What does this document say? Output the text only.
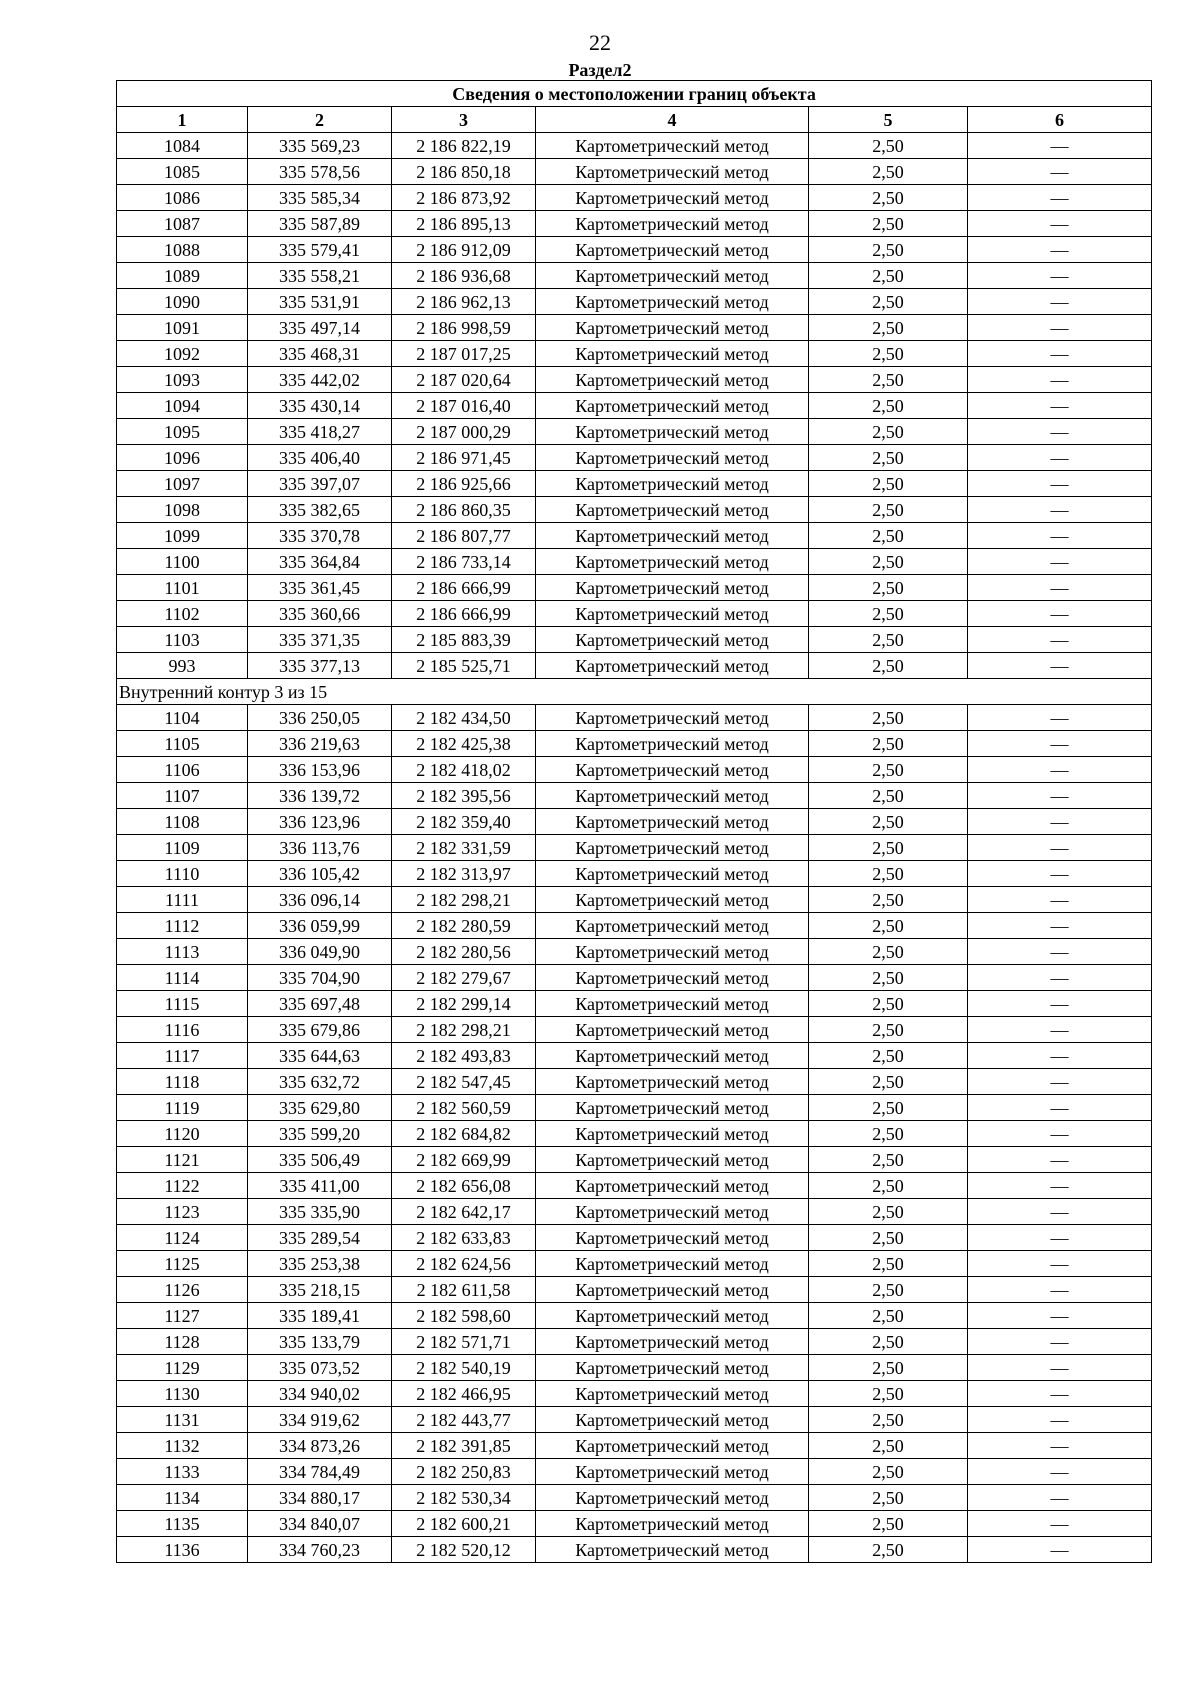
22
Раздел2
Сведения о местоположении границ объекта					
1	2	3	4	5	6
1084	335 569,23	2 186 822,19	Картометрический метод	2,50	—
1085	335 578,56	2 186 850,18	Картометрический метод	2,50	—
1086	335 585,34	2 186 873,92	Картометрический метод	2,50	—
1087	335 587,89	2 186 895,13	Картометрический метод	2,50	—
1088	335 579,41	2 186 912,09	Картометрический метод	2,50	—
1089	335 558,21	2 186 936,68	Картометрический метод	2,50	—
1090	335 531,91	2 186 962,13	Картометрический метод	2,50	—
1091	335 497,14	2 186 998,59	Картометрический метод	2,50	—
1092	335 468,31	2 187 017,25	Картометрический метод	2,50	—
1093	335 442,02	2 187 020,64	Картометрический метод	2,50	—
1094	335 430,14	2 187 016,40	Картометрический метод	2,50	—
1095	335 418,27	2 187 000,29	Картометрический метод	2,50	—
1096	335 406,40	2 186 971,45	Картометрический метод	2,50	—
1097	335 397,07	2 186 925,66	Картометрический метод	2,50	—
1098	335 382,65	2 186 860,35	Картометрический метод	2,50	—
1099	335 370,78	2 186 807,77	Картометрический метод	2,50	—
1100	335 364,84	2 186 733,14	Картометрический метод	2,50	—
1101	335 361,45	2 186 666,99	Картометрический метод	2,50	—
1102	335 360,66	2 186 666,99	Картометрический метод	2,50	—
1103	335 371,35	2 185 883,39	Картометрический метод	2,50	—
993	335 377,13	2 185 525,71	Картометрический метод	2,50	—
Внутренний контур 3 из 15					
1104	336 250,05	2 182 434,50	Картометрический метод	2,50	—
1105	336 219,63	2 182 425,38	Картометрический метод	2,50	—
1106	336 153,96	2 182 418,02	Картометрический метод	2,50	—
1107	336 139,72	2 182 395,56	Картометрический метод	2,50	—
1108	336 123,96	2 182 359,40	Картометрический метод	2,50	—
1109	336 113,76	2 182 331,59	Картометрический метод	2,50	—
1110	336 105,42	2 182 313,97	Картометрический метод	2,50	—
1111	336 096,14	2 182 298,21	Картометрический метод	2,50	—
1112	336 059,99	2 182 280,59	Картометрический метод	2,50	—
1113	336 049,90	2 182 280,56	Картометрический метод	2,50	—
1114	335 704,90	2 182 279,67	Картометрический метод	2,50	—
1115	335 697,48	2 182 299,14	Картометрический метод	2,50	—
1116	335 679,86	2 182 298,21	Картометрический метод	2,50	—
1117	335 644,63	2 182 493,83	Картометрический метод	2,50	—
1118	335 632,72	2 182 547,45	Картометрический метод	2,50	—
1119	335 629,80	2 182 560,59	Картометрический метод	2,50	—
1120	335 599,20	2 182 684,82	Картометрический метод	2,50	—
1121	335 506,49	2 182 669,99	Картометрический метод	2,50	—
1122	335 411,00	2 182 656,08	Картометрический метод	2,50	—
1123	335 335,90	2 182 642,17	Картометрический метод	2,50	—
1124	335 289,54	2 182 633,83	Картометрический метод	2,50	—
1125	335 253,38	2 182 624,56	Картометрический метод	2,50	—
1126	335 218,15	2 182 611,58	Картометрический метод	2,50	—
1127	335 189,41	2 182 598,60	Картометрический метод	2,50	—
1128	335 133,79	2 182 571,71	Картометрический метод	2,50	—
1129	335 073,52	2 182 540,19	Картометрический метод	2,50	—
1130	334 940,02	2 182 466,95	Картометрический метод	2,50	—
1131	334 919,62	2 182 443,77	Картометрический метод	2,50	—
1132	334 873,26	2 182 391,85	Картометрический метод	2,50	—
1133	334 784,49	2 182 250,83	Картометрический метод	2,50	—
1134	334 880,17	2 182 530,34	Картометрический метод	2,50	—
1135	334 840,07	2 182 600,21	Картометрический метод	2,50	—
1136	334 760,23	2 182 520,12	Картометрический метод	2,50	—
